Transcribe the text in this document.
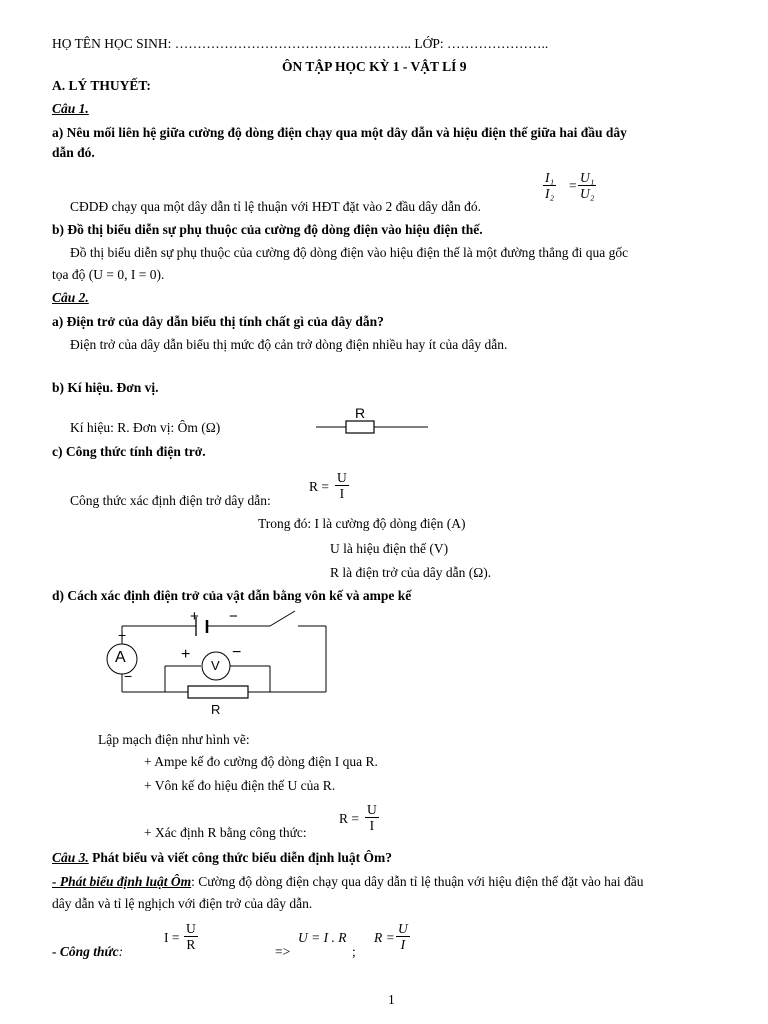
HỌ TÊN HỌC SINH: …………………………………………….. LỚP: …………………..
ÔN TẬP HỌC KỲ 1 - VẬT LÍ 9
A. LÝ THUYẾT:
Câu 1.
a) Nêu mối liên hệ giữa cường độ dòng điện chạy qua một dây dẫn và hiệu điện thế giữa hai đầu dây
dẫn đó.
CĐDĐ chạy qua một dây dẫn tỉ lệ thuận với HĐT đặt vào 2 đầu dây dẫn đó.
$\frac{\text{I₁}}{\text{I₂}} = \frac{\text{U₁}}{\text{U₂}}$
b) Đồ thị biểu diễn sự phụ thuộc của cường độ dòng điện vào hiệu điện thế.
Đồ thị biểu diễn sự phụ thuộc của cường độ dòng điện vào hiệu điện thế là một đường thẳng đi qua gốc
tọa độ (U = 0, I = 0).
Câu 2.
a) Điện trở của dây dẫn biểu thị tính chất gì của dây dẫn?
Điện trở của dây dẫn biểu thị mức độ cản trở dòng điện nhiều hay ít của dây dẫn.
b) Kí hiệu. Đơn vị.
Kí hiệu: R. Đơn vị: Ôm (Ω)
R
c) Công thức tính điện trở.
Công thức xác định điện trở dây dẫn:
$R = \frac{U}{I}$
Trong đó: I là cường độ dòng điện (A)
U là hiệu điện thế (V)
R là điện trở của dây dẫn (Ω).
d) Cách xác định điện trở của vật dẫn bằng vôn kế và ampe kế
A	V
R
+ −
+
−
+	−
Lập mạch điện như hình vẽ:
+ Ampe kế đo cường độ dòng điện I qua R.
+ Vôn kế đo hiệu điện thế U của R.
+ Xác định R bằng công thức:
$R = \frac{U}{I}$
Câu 3. Phát biểu và viết công thức biểu diễn định luật Ôm?
- Phát biểu định luật Ôm: Cường độ dòng điện chạy qua dây dẫn tỉ lệ thuận với hiệu điện thế đặt vào hai đầu
dây dẫn và tỉ lệ nghịch với điện trở của dây dẫn.
- Công thức:
$I = \frac{U}{R}$	=>
U = I . R
;
$R = \frac{U}{I}$
1
